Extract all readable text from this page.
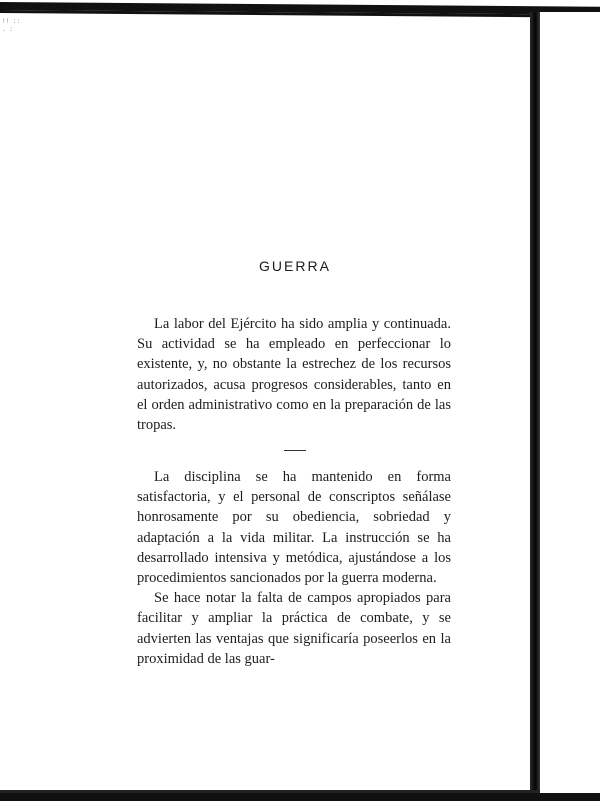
!! :: . :
GUERRA

La labor del Ejército ha sido amplia y continuada. Su actividad se ha empleado en perfeccionar lo existente, y, no obstante la estrechez de los recursos autorizados, acusa progresos considerables, tanto en el orden administrativo como en la preparación de las tropas.

La disciplina se ha mantenido en forma satisfactoria, y el personal de conscriptos señálase honrosamente por su obediencia, sobriedad y adaptación a la vida militar. La instrucción se ha desarrollado intensiva y metódica, ajustándose a los procedimientos sancionados por la guerra moderna.

Se hace notar la falta de campos apropiados para facilitar y ampliar la práctica de combate, y se advierten las ventajas que significaría poseerlos en la proximidad de las guar-
